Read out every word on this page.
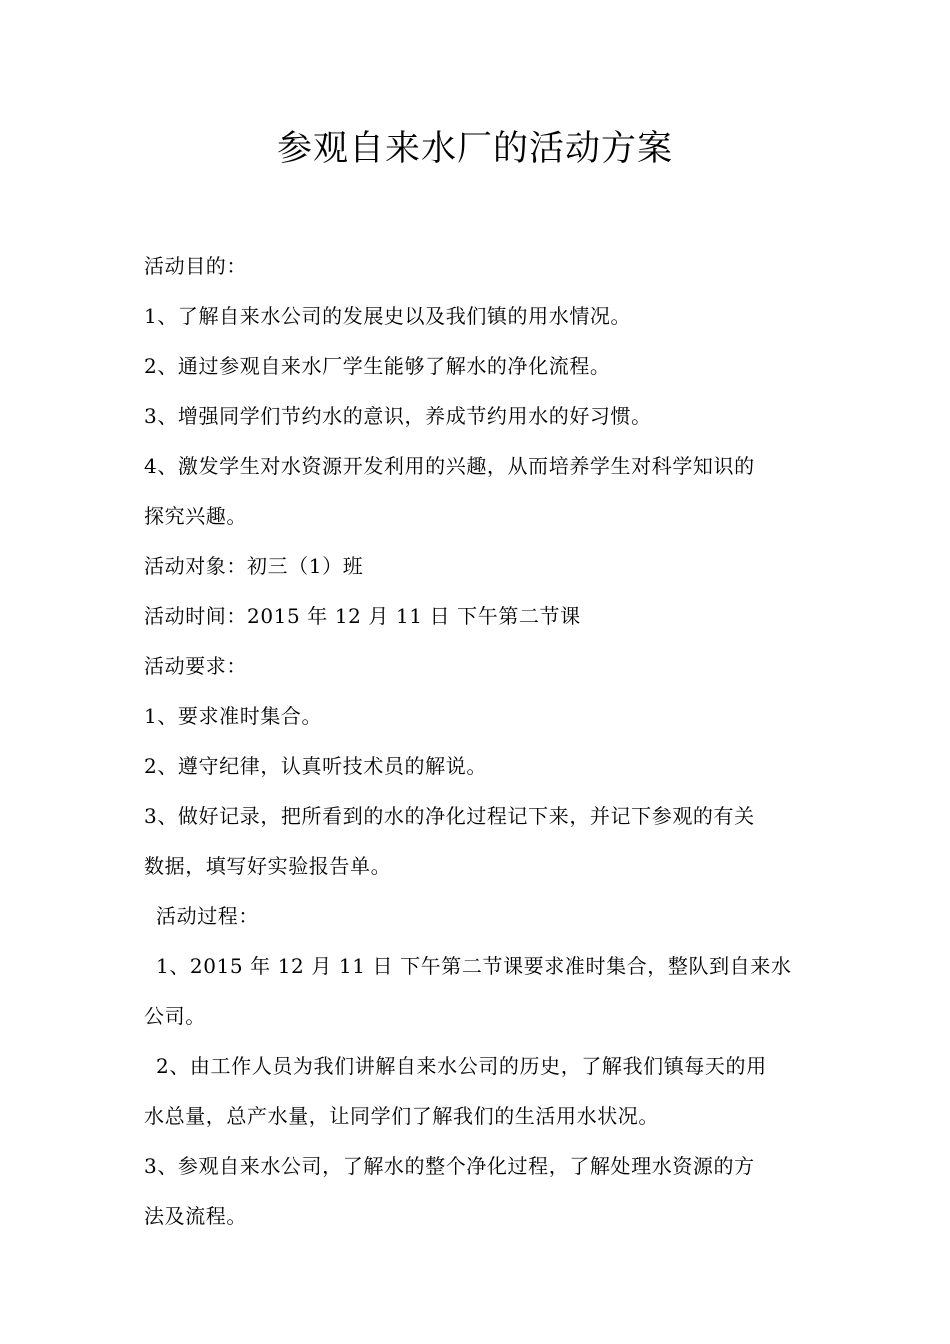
参观自来水厂的活动方案
活动目的：
1、了解自来水公司的发展史以及我们镇的用水情况。
2、通过参观自来水厂学生能够了解水的净化流程。
3、增强同学们节约水的意识，养成节约用水的好习惯。
4、激发学生对水资源开发利用的兴趣，从而培养学生对科学知识的
探究兴趣。
活动对象：初三（1）班
活动时间：2015 年 12 月 11 日 下午第二节课
活动要求：
1、要求准时集合。
2、遵守纪律，认真听技术员的解说。
3、做好记录，把所看到的水的净化过程记下来，并记下参观的有关
数据，填写好实验报告单。
活动过程：
1、2015 年 12 月 11 日 下午第二节课要求准时集合，整队到自来水
公司。
2、由工作人员为我们讲解自来水公司的历史，了解我们镇每天的用
水总量，总产水量，让同学们了解我们的生活用水状况。
3、参观自来水公司，了解水的整个净化过程，了解处理水资源的方
法及流程。
